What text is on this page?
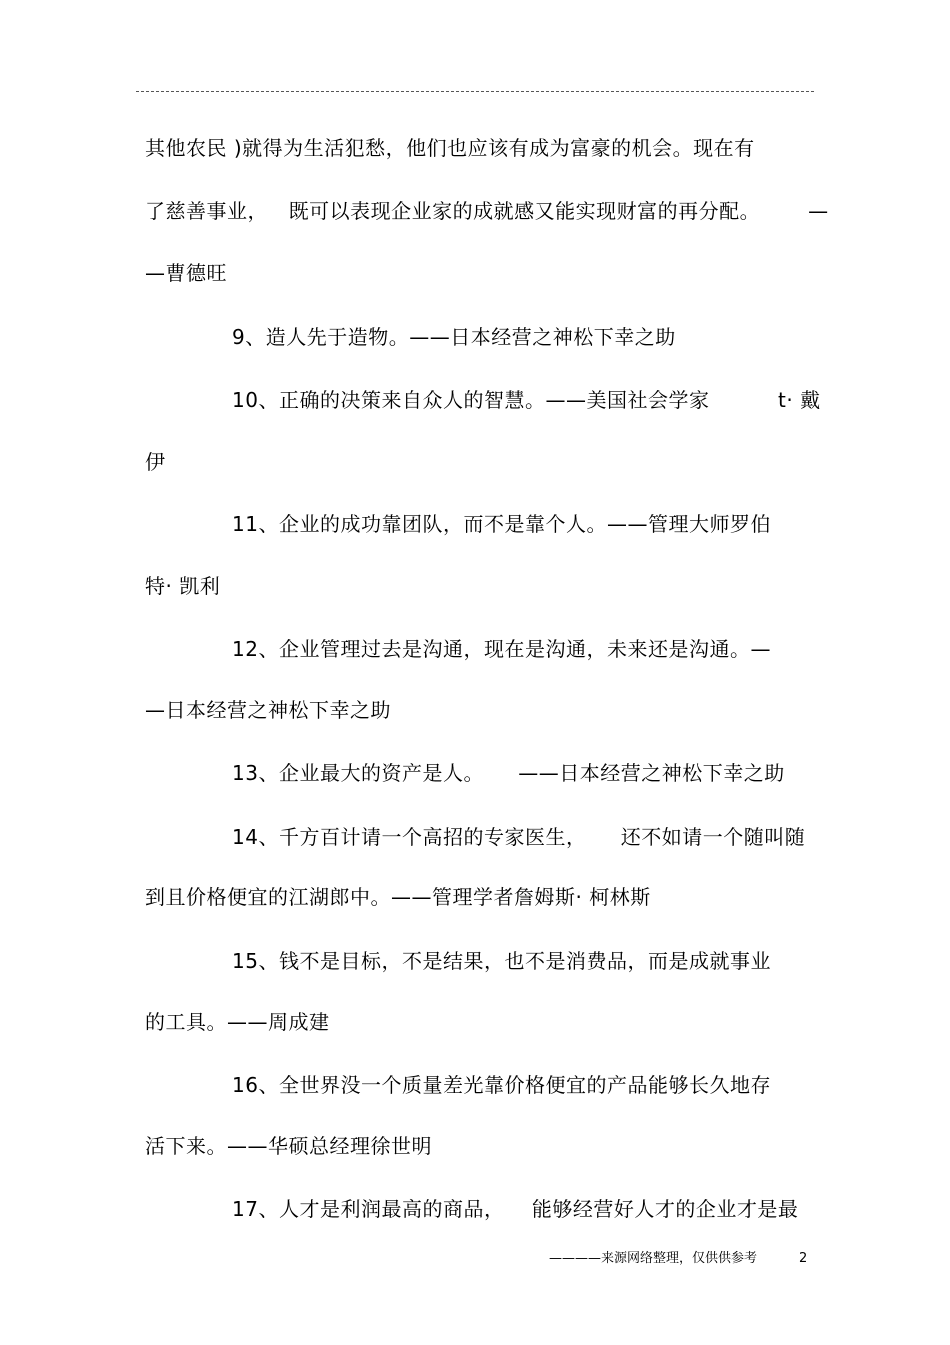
其他农民 )就得为生活犯愁，他们也应该有成为富豪的机会。现在有
了慈善事业，   既可以表现企业家的成就感又能实现财富的再分配。       —
—曹德旺
9、造人先于造物。——日本经营之神松下幸之助
10、正确的决策来自众人的智慧。——美国社会学家          t· 戴
伊
11、企业的成功靠团队，而不是靠个人。——管理大师罗伯
特· 凯利
12、企业管理过去是沟通，现在是沟通，未来还是沟通。—
—日本经营之神松下幸之助
13、企业最大的资产是人。     ——日本经营之神松下幸之助
14、千方百计请一个高招的专家医生，     还不如请一个随叫随
到且价格便宜的江湖郎中。——管理学者詹姆斯· 柯林斯
15、钱不是目标，不是结果，也不是消费品，而是成就事业
的工具。——周成建
16、全世界没一个质量差光靠价格便宜的产品能够长久地存
活下来。——华硕总经理徐世明
17、人才是利润最高的商品，    能够经营好人才的企业才是最
————来源网络整理，仅供供参考	2
